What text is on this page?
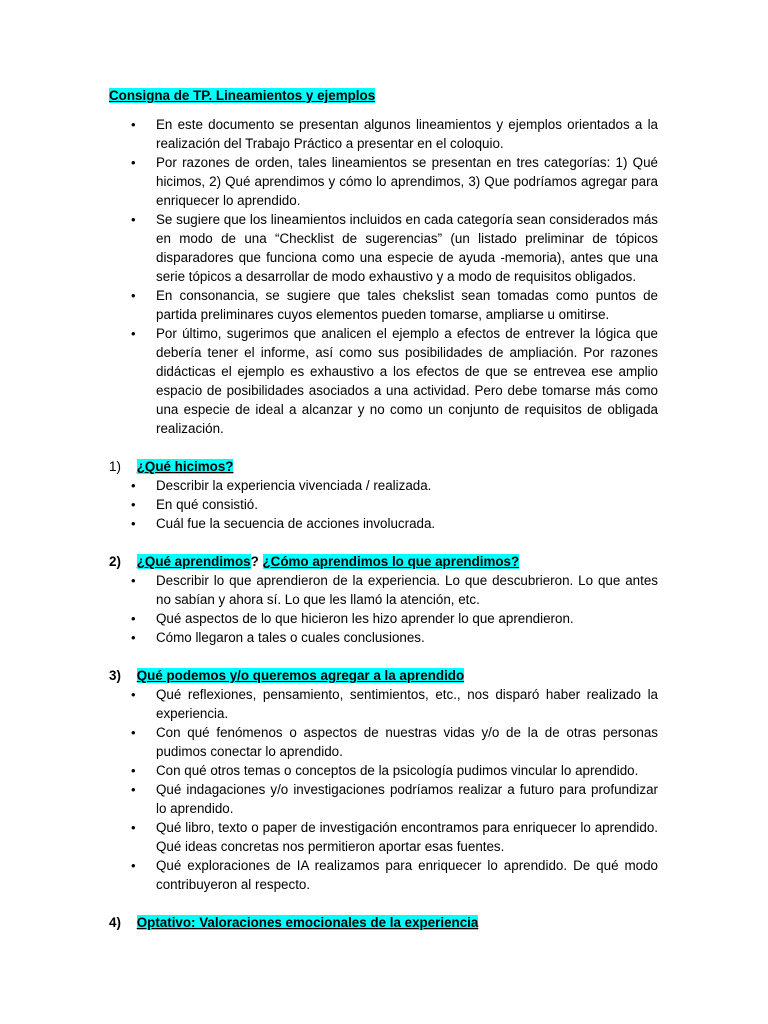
Consigna de TP. Lineamientos y ejemplos
• En este documento se presentan algunos lineamientos y ejemplos orientados a la realización del Trabajo Práctico a presentar en el coloquio.
• Por razones de orden, tales lineamientos se presentan en tres categorías: 1) Qué hicimos, 2) Qué aprendimos y cómo lo aprendimos, 3) Que podríamos agregar para enriquecer lo aprendido.
• Se sugiere que los lineamientos incluidos en cada categoría sean considerados más en modo de una “Checklist de sugerencias” (un listado preliminar de tópicos disparadores que funciona como una especie de ayuda -memoria), antes que una serie tópicos a desarrollar de modo exhaustivo y a modo de requisitos obligados.
• En consonancia, se sugiere que tales chekslist sean tomadas como puntos de partida preliminares cuyos elementos pueden tomarse, ampliarse u omitirse.
• Por último, sugerimos que analicen el ejemplo a efectos de entrever la lógica que debería tener el informe, así como sus posibilidades de ampliación. Por razones didácticas el ejemplo es exhaustivo a los efectos de que se entrevea ese amplio espacio de posibilidades asociados a una actividad. Pero debe tomarse más como una especie de ideal a alcanzar y no como un conjunto de requisitos de obligada realización.
1) ¿Qué hicimos?
• Describir la experiencia vivenciada / realizada.
• En qué consistió.
• Cuál fue la secuencia de acciones involucrada.
2) ¿Qué aprendimos? ¿Cómo aprendimos lo que aprendimos?
• Describir lo que aprendieron de la experiencia. Lo que descubrieron. Lo que antes no sabían y ahora sí. Lo que les llamó la atención, etc.
• Qué aspectos de lo que hicieron les hizo aprender lo que aprendieron.
• Cómo llegaron a tales o cuales conclusiones.
3) Qué podemos y/o queremos agregar a la aprendido
• Qué reflexiones, pensamiento, sentimientos, etc., nos disparó haber realizado la experiencia.
• Con qué fenómenos o aspectos de nuestras vidas y/o de la de otras personas pudimos conectar lo aprendido.
• Con qué otros temas o conceptos de la psicología pudimos vincular lo aprendido.
• Qué indagaciones y/o investigaciones podríamos realizar a futuro para profundizar lo aprendido.
• Qué libro, texto o paper de investigación encontramos para enriquecer lo aprendido. Qué ideas concretas nos permitieron aportar esas fuentes.
• Qué exploraciones de IA realizamos para enriquecer lo aprendido. De qué modo contribuyeron al respecto.
4) Optativo: Valoraciones emocionales de la experiencia
